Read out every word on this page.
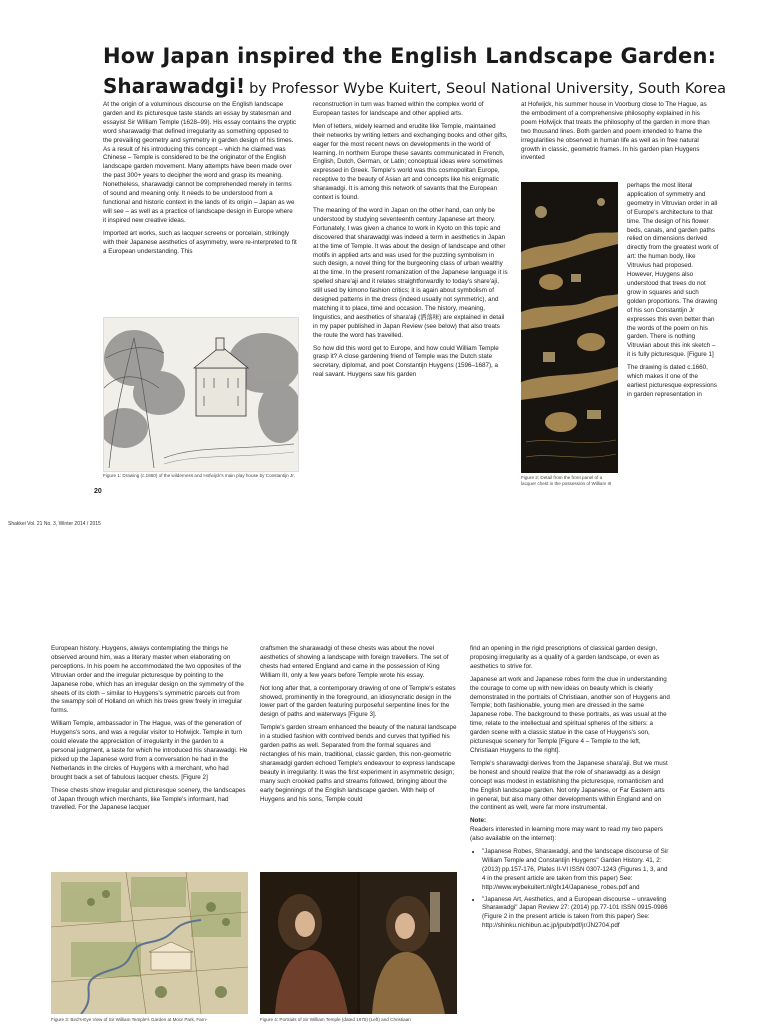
How Japan inspired the English Landscape Garden:
Sharawadgi! by Professor Wybe Kuitert, Seoul National University, South Korea

At the origin of a voluminous discourse on the English landscape garden and its picturesque taste stands an essay by statesman and essayist Sir William Temple (1628–99). His essay contains the cryptic word sharawadgi that defined irregularity as something opposed to the prevailing geometry and symmetry in garden design of his times. As a result of his introducing this concept – which he claimed was Chinese – Temple is considered to be the originator of the English landscape garden movement. Many attempts have been made over the past 300+ years to decipher the word and grasp its meaning. Nonetheless, sharawadgi cannot be comprehended merely in terms of sound and meaning only. It needs to be understood from a functional and historic context in the lands of its origin – Japan as we will see – as well as a practice of landscape design in Europe where it inspired new creative ideas.

Imported art works, such as lacquer screens or porcelain, strikingly with their Japanese aesthetics of asymmetry, were re-interpreted to fit a European understanding. This

Figure 1: Drawing (c.1660) of the wilderness and Hofwijck's main play house by Constantijn Jr.

reconstruction in turn was framed within the complex world of European tastes for landscape and other applied arts.

Men of letters, widely learned and erudite like Temple, maintained their networks by writing letters and exchanging books and other gifts, eager for the most recent news on developments in the world of learning. In northern Europe these savants communicated in French, English, Dutch, German, or Latin; conceptual ideas were sometimes expressed in Greek. Temple's world was this cosmopolitan Europe, receptive to the beauty of Asian art and concepts like his enigmatic sharawadgi. It is among this network of savants that the European context is found.

The meaning of the word in Japan on the other hand, can only be understood by studying seventeenth century Japanese art theory. Fortunately, I was given a chance to work in Kyoto on this topic and discovered that sharawadgi was indeed a term in aesthetics in Japan at the time of Temple. It was about the design of landscape and other motifs in applied arts and was used for the puzzling symbolism in such design, a novel thing for the burgeoning class of urban wealthy at the time. In the present romanization of the Japanese language it is spelled share'aji and it relates straightforwardly to today's share'aji, still used by kimono fashion critics; it is again about symbolism of designed patterns in the dress (indeed usually not symmetric), and matching it to place, time and occasion. The history, meaning, linguistics, and aesthetics of shara'aji (洒落味) are explained in detail in my paper published in Japan Review (see below) that also treats the route the word has travelled.

So how did this word get to Europe, and how could William Temple grasp it? A close gardening friend of Temple was the Dutch state secretary, diplomat, and poet Constantijn Huygens (1596–1687), a real savant. Huygens saw his garden

at Hofwijck, his summer house in Voorburg close to The Hague, as the embodiment of a comprehensive philosophy explained in his poem Hofwijck that treats the philosophy of the garden in more than two thousand lines. Both garden and poem intended to frame the irregularities he observed in human life as well as in free natural growth in classic, geometric frames. In his garden plan Huygens invented

Figure 2: Detail from the front panel of a lacquer chest in the possession of William III

perhaps the most literal application of symmetry and geometry in Vitruvian order in all of Europe's architecture to that time. The design of his flower beds, canals, and garden paths relied on dimensions derived directly from the greatest work of art: the human body, like Vitruvius had proposed. However, Huygens also understood that trees do not grow in squares and such golden proportions. The drawing of his son Constantijn Jr expresses this even better than the words of the poem on his garden. There is nothing Vitruvian about this ink sketch – it is fully picturesque. [Figure 1]

The drawing is dated c.1660, which makes it one of the earliest picturesque expressions in garden representation in

20
Shakkei Vol. 21 No. 3, Winter 2014 / 2015

European history. Huygens, always contemplating the things he observed around him, was a literary master when elaborating on perceptions. In his poem he accommodated the two opposites of the Vitruvian order and the irregular picturesque by pointing to the Japanese robe, which has an irregular design on the symmetry of the sheets of its cloth – similar to Huygens's symmetric parcels cut from the swampy soil of Holland on which his trees grew freely in irregular forms.

William Temple, ambassador in The Hague, was of the generation of Huygens's sons, and was a regular visitor to Hofwijck. Temple in turn could elevate the appreciation of irregularity in the garden to a personal judgment, a taste for which he introduced his sharawadgi. He picked up the Japanese word from a conversation he had in the Netherlands in the circles of Huygens with a merchant, who had brought back a set of fabulous lacquer chests. [Figure 2]

These chests show irregular and picturesque scenery, the landscapes of Japan through which merchants, like Temple's informant, had travelled. For the Japanese lacquer

Figure 3: Bird's-Eye View of Sir William Temple's Garden at Moor Park, Farn-

craftsmen the sharawadgi of these chests was about the novel aesthetics of showing a landscape with foreign travellers. The set of chests had entered England and came in the possession of King William III, only a few years before Temple wrote his essay.

Not long after that, a contemporary drawing of one of Temple's estates showed, prominently in the foreground, an idiosyncratic design in the lower part of the garden featuring purposeful serpentine lines for the design of paths and waterways [Figure 3].

Temple's garden stream enhanced the beauty of the natural landscape in a studied fashion with contrived bends and curves that typified his garden paths as well. Separated from the formal squares and rectangles of his main, traditional, classic garden, this non-geometric sharawadgi garden echoed Temple's endeavour to express landscape beauty in irregularity. It was the first experiment in asymmetric design; many such crooked paths and streams followed, bringing about the early beginnings of the English landscape garden. With help of Huygens and his sons, Temple could

Figure 4: Portraits of Sir William Temple (dated 1675) (Left) and Christiaan

find an opening in the rigid prescriptions of classical garden design, proposing irregularity as a quality of a garden landscape, or even as aesthetics to strive for.

Japanese art work and Japanese robes form the clue in understanding the courage to come up with new ideas on beauty which is clearly demonstrated in the portraits of Christiaan, another son of Huygens and Temple; both fashionable, young men are dressed in the same Japanese robe. The background to these portraits, as was usual at the time, relate to the intellectual and spiritual spheres of the sitters: a garden scene with a classic statue in the case of Huygens's son, picturesque scenery for Temple [Figure 4 – Temple to the left, Christiaan Huygens to the right].

Temple's sharawadgi derives from the Japanese shara'aji. But we must be honest and should realize that the role of sharawadgi as a design concept was modest in establishing the picturesque, romanticism and the English landscape garden. Not only Japanese, or Far Eastern arts in general, but also many other developments within England and on the continent as well, were far more instrumental.

Note:

Readers interested in learning more may want to read my two papers (also available on the internet):

• "Japanese Robes, Sharawadgi, and the landscape discourse of Sir William Temple and Constantijn Huygens" Garden History. 41, 2: (2013) pp.157-176, Plates II-VI ISSN 0307-1243 (Figures 1, 3, and 4 in the present article are taken from this paper) See: http://www.wybekuitert.nl/gfx14/Japanese_robes.pdf and
• "Japanese Art, Aesthetics, and a European discourse – unraveling Sharawadgi" Japan Review 27: (2014) pp.77-101 ISSN 0915-0986 (Figure 2 in the present article is taken from this paper) See: http://shinku.nichibun.ac.jp/jpub/pdf/jr/JN2704.pdf
